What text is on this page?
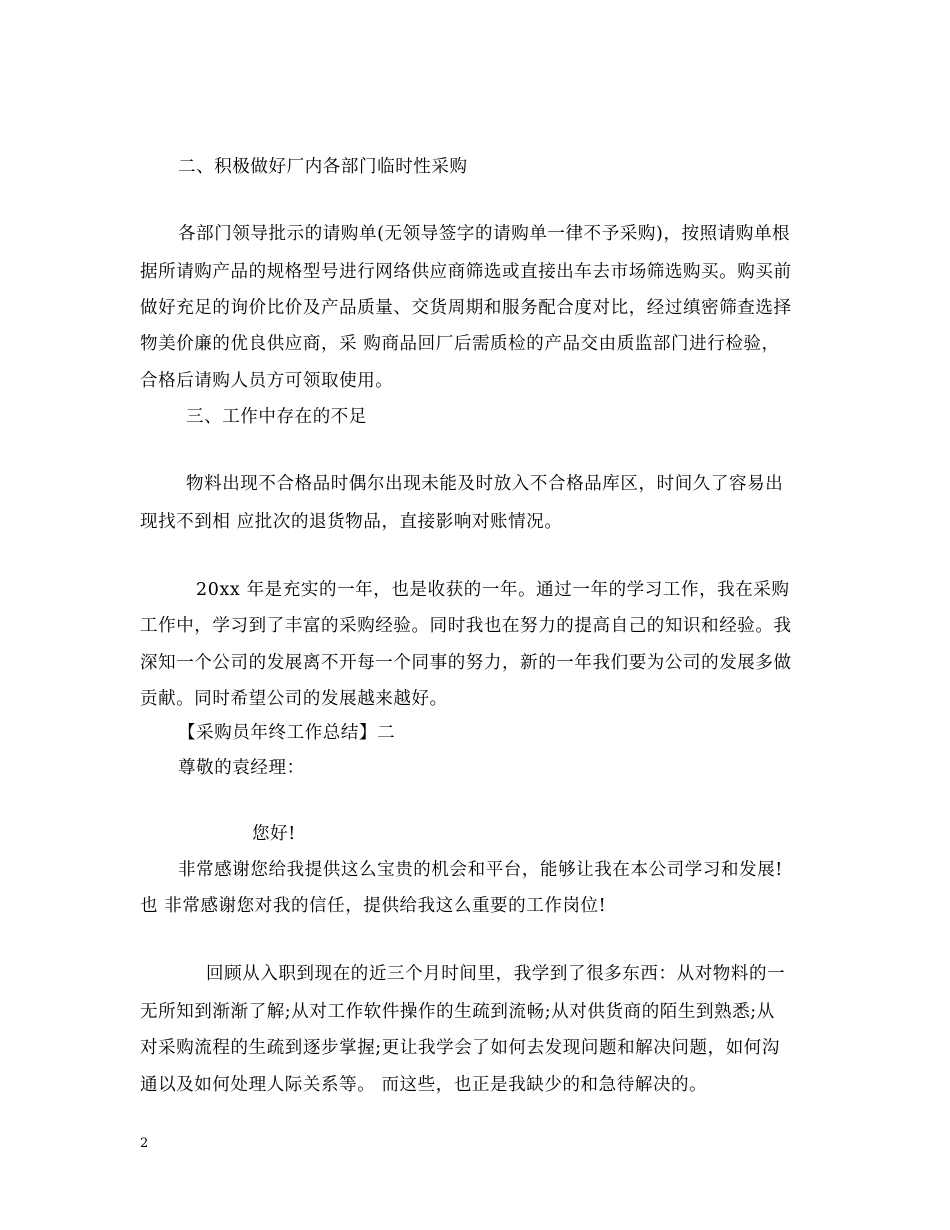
二、积极做好厂内各部门临时性采购
各部门领导批示的请购单(无领导签字的请购单一律不予采购)，按照请购单根
据所请购产品的规格型号进行网络供应商筛选或直接出车去市场筛选购买。购买前
做好充足的询价比价及产品质量、交货周期和服务配合度对比，经过缜密筛查选择
物美价廉的优良供应商，采 购商品回厂后需质检的产品交由质监部门进行检验，
合格后请购人员方可领取使用。
三、工作中存在的不足
物料出现不合格品时偶尔出现未能及时放入不合格品库区，时间久了容易出
现找不到相 应批次的退货物品，直接影响对账情况。
20xx 年是充实的一年，也是收获的一年。通过一年的学习工作，我在采购
工作中，学习到了丰富的采购经验。同时我也在努力的提高自己的知识和经验。我
深知一个公司的发展离不开每一个同事的努力，新的一年我们要为公司的发展多做
贡献。同时希望公司的发展越来越好。
【采购员年终工作总结】二
尊敬的袁经理：
您好!
非常感谢您给我提供这么宝贵的机会和平台，能够让我在本公司学习和发展!
也 非常感谢您对我的信任，提供给我这么重要的工作岗位!
回顾从入职到现在的近三个月时间里，我学到了很多东西：从对物料的一
无所知到渐渐了解;从对工作软件操作的生疏到流畅;从对供货商的陌生到熟悉;从
对采购流程的生疏到逐步掌握;更让我学会了如何去发现问题和解决问题，如何沟
通以及如何处理人际关系等。 而这些，也正是我缺少的和急待解决的。
2
